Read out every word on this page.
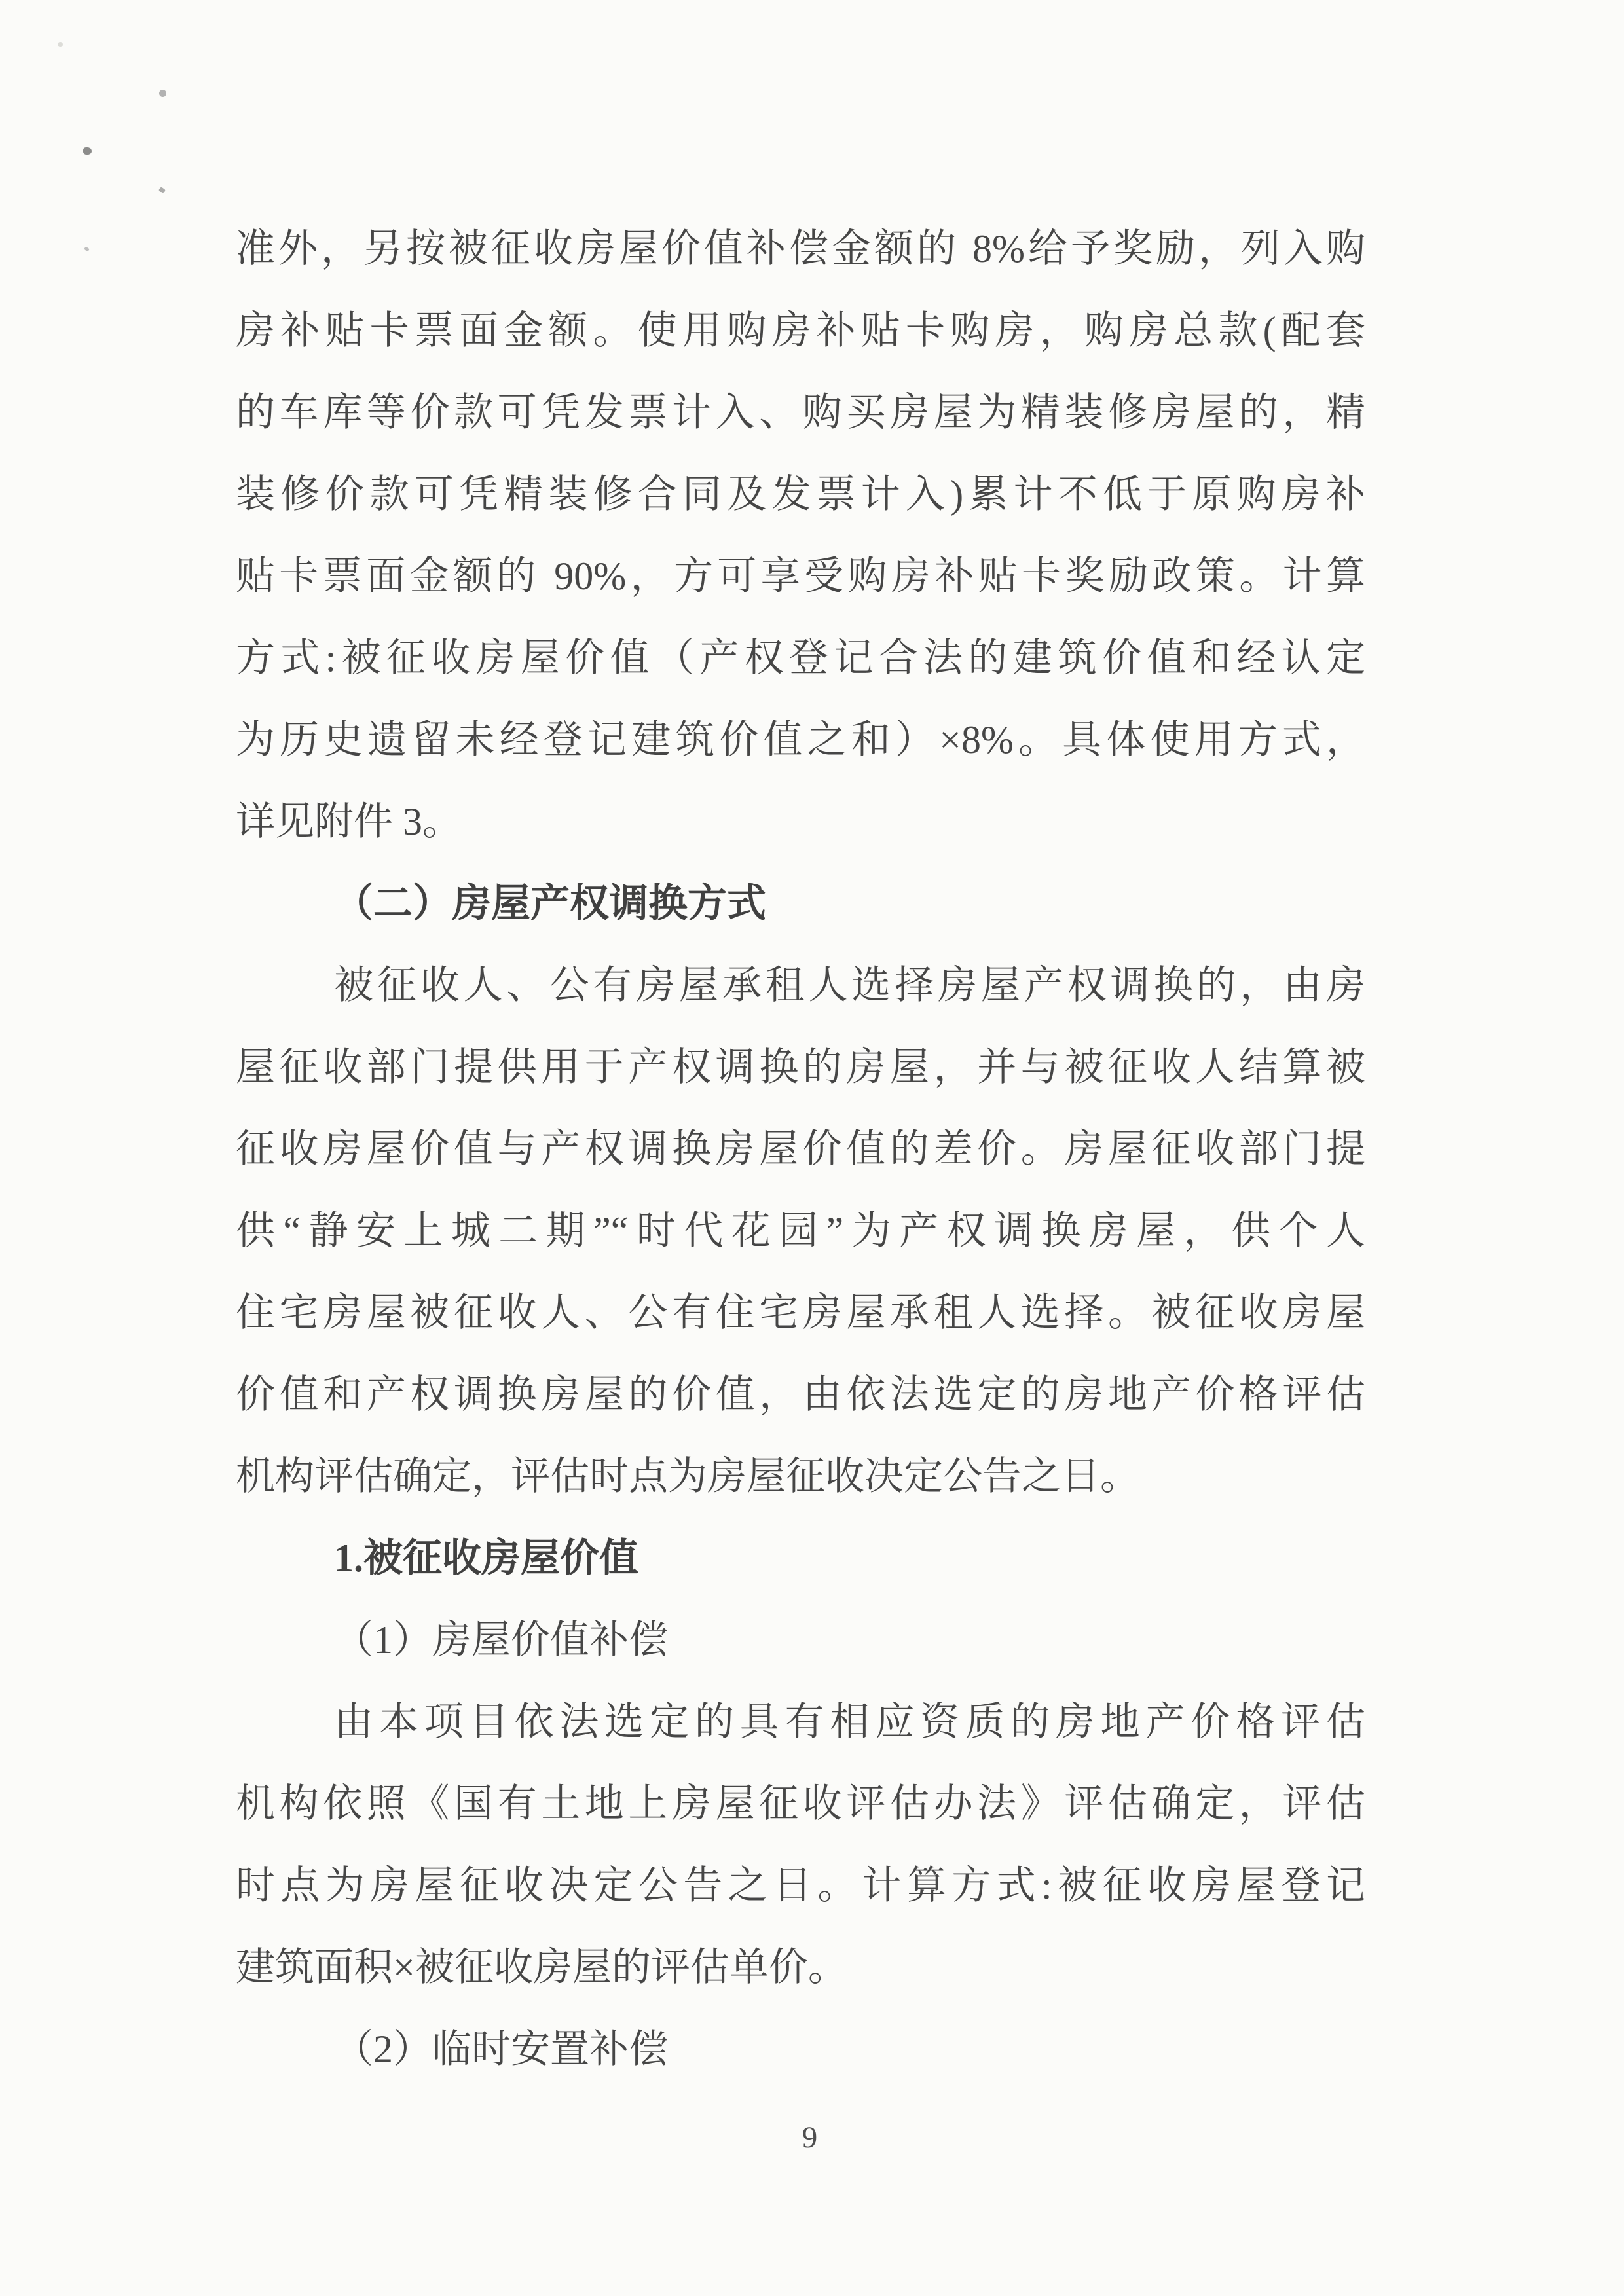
准外，另按被征收房屋价值补偿金额的 8%给予奖励，列入购
房补贴卡票面金额。使用购房补贴卡购房，购房总款(配套
的车库等价款可凭发票计入、购买房屋为精装修房屋的，精
装修价款可凭精装修合同及发票计入)累计不低于原购房补
贴卡票面金额的 90%，方可享受购房补贴卡奖励政策。计算
方式:被征收房屋价值（产权登记合法的建筑价值和经认定
为历史遗留未经登记建筑价值之和）×8%。具体使用方式，
详见附件 3。
（二）房屋产权调换方式
被征收人、公有房屋承租人选择房屋产权调换的，由房
屋征收部门提供用于产权调换的房屋，并与被征收人结算被
征收房屋价值与产权调换房屋价值的差价。房屋征收部门提
供“静安上城二期”“时代花园”为产权调换房屋，供个人
住宅房屋被征收人、公有住宅房屋承租人选择。被征收房屋
价值和产权调换房屋的价值，由依法选定的房地产价格评估
机构评估确定，评估时点为房屋征收决定公告之日。
1.被征收房屋价值
（1）房屋价值补偿
由本项目依法选定的具有相应资质的房地产价格评估
机构依照《国有土地上房屋征收评估办法》评估确定，评估
时点为房屋征收决定公告之日。计算方式:被征收房屋登记
建筑面积×被征收房屋的评估单价。
（2）临时安置补偿
9
